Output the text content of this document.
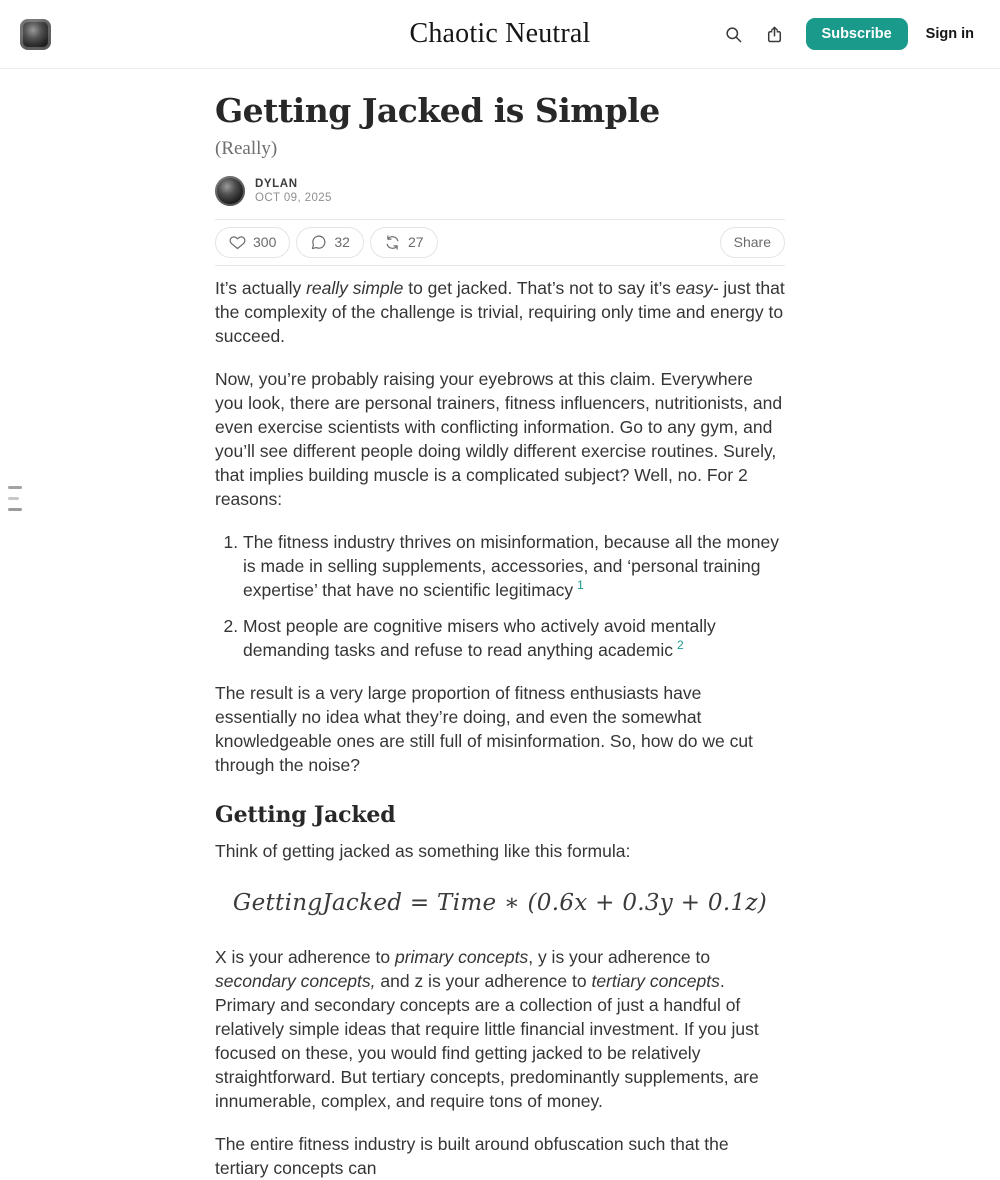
Chaotic Neutral	Subscribe	Sign in
Getting Jacked is Simple
(Really)
DYLAN
OCT 09, 2025
300	32	27	Share

It’s actually really simple to get jacked. That’s not to say it’s easy- just that the complexity of the challenge is trivial, requiring only time and energy to succeed.

Now, you’re probably raising your eyebrows at this claim. Everywhere you look, there are personal trainers, fitness influencers, nutritionists, and even exercise scientists with conflicting information. Go to any gym, and you’ll see different people doing wildly different exercise routines. Surely, that implies building muscle is a complicated subject? Well, no. For 2 reasons:

1. The fitness industry thrives on misinformation, because all the money is made in selling supplements, accessories, and ‘personal training expertise’ that have no scientific legitimacy $^1$
2. Most people are cognitive misers who actively avoid mentally demanding tasks and refuse to read anything academic $^2$

The result is a very large proportion of fitness enthusiasts have essentially no idea what they’re doing, and even the somewhat knowledgeable ones are still full of misinformation. So, how do we cut through the noise?

Getting Jacked

Think of getting jacked as something like this formula:

GettingJacked = Time ∗ (0.6x + 0.3y + 0.1z)

X is your adherence to primary concepts, y is your adherence to secondary concepts, and z is your adherence to tertiary concepts. Primary and secondary concepts are a collection of just a handful of relatively simple ideas that require little financial investment. If you just focused on these, you would find getting jacked to be relatively straightforward. But tertiary concepts, predominantly supplements, are innumerable, complex, and require tons of money.

The entire fitness industry is built around obfuscation such that the tertiary concepts can
